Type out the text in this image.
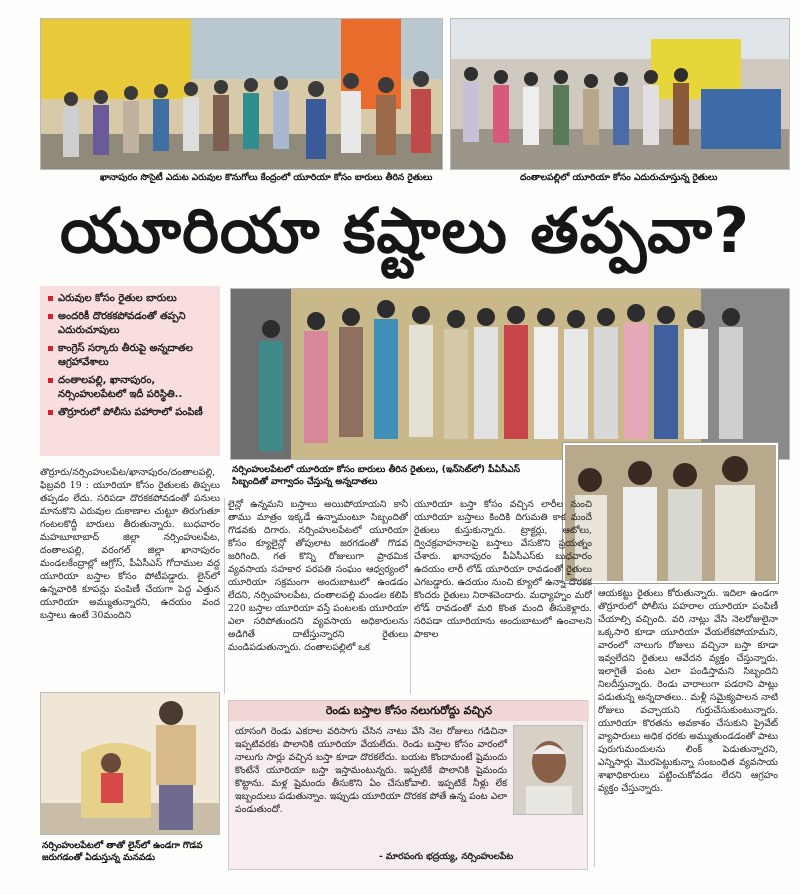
ఖానాపురం సొసైటీ ఎదుట ఎరువుల కొనుగోలు కేంద్రంలో యూరియా కోసం బారులు తీరిన రైతులు	దంతాలపల్లిలో యూరియా కోసం ఎదురుచూస్తున్న రైతులు
యూరియా కష్టాలు తప్పవా?
ఎరువుల కోసం రైతుల బారులు
అందరికీ దొరకకపోవడంతో తప్పని ఎదురుచూపులు
కాంగ్రెస్ సర్కారు తీరుపై అన్నదాతల ఆగ్రహావేశాలు
దంతాలపల్లి, ఖానాపురం, నర్సింహులపేటలో ఇదీ పరిస్థితి..
తొర్రూరులో పోలీసు పహారాలో పంపిణీ
నర్సింహులపేటలో యూరియా కోసం బారులు తీరిన రైతులు, (ఇన్‌సెట్‌లో) పీఏసీఎస్ సిబ్బందితో వాగ్వాదం చేస్తున్న అన్నదాతలు
తొర్రూరు/నర్సింహులపేట/ఖానాపురం/దంతాలపల్లి, ఫిబ్రవరి 19 : యూరియా కోసం రైతులకు తిప్పలు తప్పడం లేదు. సరిపడా దొరకకపోవడంతో పనులు మానుకొని ఎరువుల దుకాణాల చుట్టూ తిరుగుతూ గంటలకొద్దీ బారులు తీరుతున్నారు. బుధవారం మహబూబాబాద్ జిల్లా నర్సింహులపేట, దంతాలపల్లి, వరంగల్ జిల్లా ఖానాపురం మండలకేంద్రాల్లో ఆగ్రోస్, పీఏసీఎస్ గోదాముల వద్ద యూరియా బస్తాల కోసం పోటీపడ్డారు. లైన్‌లో ఉన్నవారికి కూపన్లు పంపిణీ చేయగా పెద్ద ఎత్తున యూరియా అమ్ముతున్నారని, ఉదయం వంద బస్తాలు ఉంటే 30మందిని
లైన్లో ఉన్నమని బస్తాలు అయిపోయాయని కానీ తాము మాత్రం ఇక్కడే ఉన్నామంటూ సిబ్బందితో గొడవకు దిగారు. నర్సింహులపేటలో యూరియా కోసం క్యూలైన్లో తోపులాట జరగడంతో గొడవ జరిగింది. గత కొన్ని రోజులుగా ప్రాథమిక వ్యవసాయ సహకార పరపతి సంఘం ఆధ్వర్యంలో యూరియా సక్రమంగా అందుబాటులో ఉండడం లేదని, నర్సింహులపేట, దంతాలపల్లి మండల కలిపి 220 బస్తాల యూరియా వస్తే పంటలకు యూరియా ఎలా సరిపోతుందని వ్యవసాయ అధికారులను అడిగితే దాటేస్తున్నారని రైతులు మండిపడుతున్నారు. దంతాలపల్లిలో ఒక
యూరియా బస్తా కోసం వచ్చిన లారీల నుంచి యూరియా బస్తాలు కిందికి దిగుమతి కాక మందే రైతులు కుస్తుకున్నారు. ట్రాక్టర్లు, ఆటోలు, ద్విచక్రవాహనాలపై బస్తాలు వేసుకొని ప్రయత్నం చేశారు. ఖానాపురం పీఏసీఎస్‌కు బుధవారం ఉదయం లారీ లోడ్ యూరియా రావడంతో రైతులు ఎగబడ్డారు. ఉదయం నుంచి క్యూలో ఉన్నా దొరకక కొందరు రైతులు నిరాశచెందారు. మధ్యాహ్నం మరో లోడ్ రావడంతో మరి కొంత మంది తీసుకెళ్లారు. సరిపడా యూరియాను అందుబాటులో ఉంచాలని పాకాల
ఆయకట్టు రైతులు కోరుతున్నారు. ఇదిలా ఉండగా తొర్రూరులో పోలీసు పహరాల యూరియా పంపిణీ చేయాల్సి వచ్చింది. వరి నాట్లు వేసి నెలరోజులైనా ఒక్కసారి కూడా యూరియా వేయలేకపోయామని, వారంలో నాలుగు రోజులు వచ్చినా బస్తా కూడా ఇవ్వలేదని రైతులు ఆవేదన వ్యక్తం చేస్తున్నారు. ఇలాగైతే పంట ఎలా పండిస్తామని సిబ్బందిని నిలదీస్తున్నారు. రెండు వారాలుగా పడరాని పాట్లు పడుతున్న అన్నదాతలు.. మళ్లీ సమైక్యపాలన నాటి రోజులు వచ్చాయని గుర్తుచేసుకుంటున్నారు. యూరియా కొరతను అవకాశం చేసుకుని ప్రైవేట్ వ్యాపారులు అధిక ధరకు అమ్ముతుండడంతో పాటు పురుగుమందులను లింక్ పెడుతున్నారని, ఎన్నిసార్లు మొరపెట్టుకున్నా సంబంధిత వ్యవసాయ శాఖాధికారులు పట్టించుకోవడం లేదని ఆగ్రహం వ్యక్తం చేస్తున్నారు.
నర్సింహులపేటలో తాతో లైన్‌లో ఉండగా గొడవ జరుగడంతో ఏడుస్తున్న మనవడు
రెండు బస్తాల కోసం నలుగురోద్దు వచ్చిన
యాసంగి రెండు ఎకరాల వరిసాగు చేసిన నాటు వేసి నెల రోజులు గడిచినా ఇప్పటివరకు పొలానికి యూరియా వేయలేదు. రెండు బస్తాల కోసం వారంలో నాలుగు సార్లు వచ్చిన బస్తా కూడా దొరకలేదు. బయట కొందామంటే షైమందు కొంటేనే యూరియా బస్తా ఇస్తామంటున్నరు. ఇప్పటికే పొలానికి షైమందు కొట్టాను. మళ్ల షైమందు తీసుకొని ఏం చేసుకోవాలి. ఇప్పటికే నీళ్లు లేక ఇబ్బందులు పడుతున్నాం. ఇప్పుడు యూరియా దొరకక పోతే ఉన్న పంట ఎలా పండుతుందో.
- మారపంగు భద్రయ్య, నర్సింహులపేట
